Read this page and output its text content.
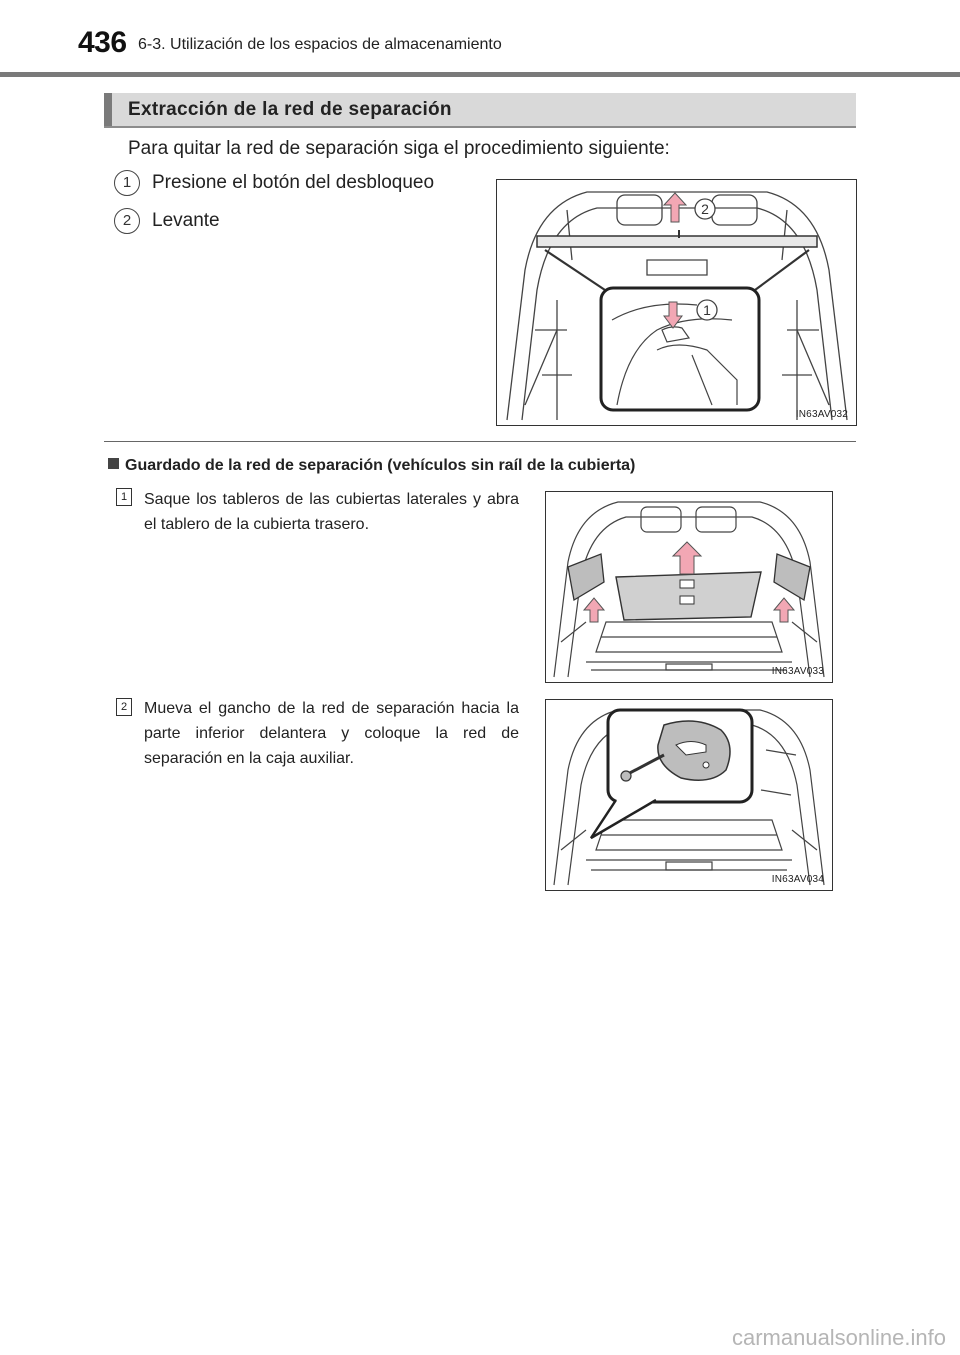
436 6-3. Utilización de los espacios de almacenamiento
Extracción de la red de separación
Para quitar la red de separación siga el procedimiento siguiente:
1 Presione el botón del desbloqueo
2 Levante
2
1
IN63AV032
Guardado de la red de separación (vehículos sin raíl de la cubierta)
1	Saque los tableros de las cubiertas laterales y abra el tablero de la cubierta trasero.
IN63AV033
2	Mueva el gancho de la red de separación hacia la parte inferior delantera y coloque la red de separación en la caja auxiliar.
IN63AV034
carmanualsonline.info
